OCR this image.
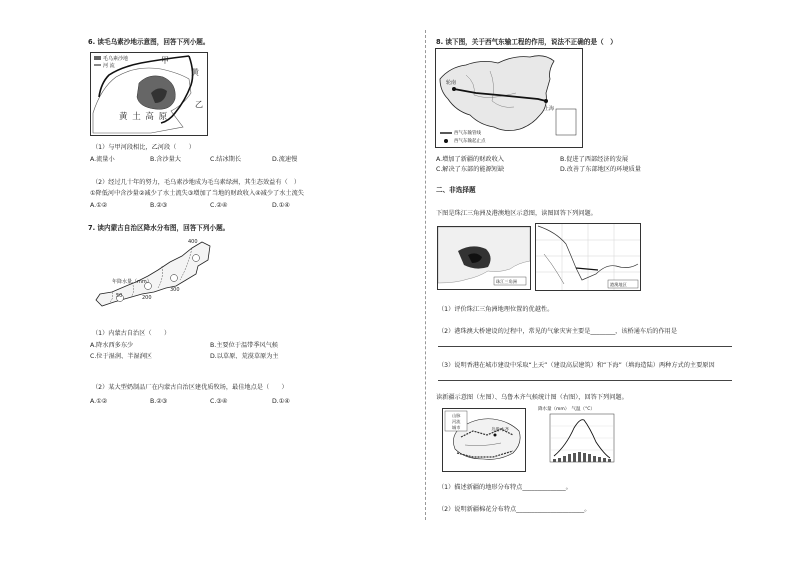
6. 读毛乌素沙地示意图，回答下列小题。
毛乌素沙地
河 流
甲
黄
乙
黄 土 高 原
（1）与甲河段相比，乙河段（　　）
A.流量小	B.含沙量大	C.结冰期长	D.流速慢
（2）经过几十年的努力，毛乌素沙地成为毛乌素绿洲，其生态效益有（　）
①降低河中含沙量②减少了水土流失③增加了当地的财政收入④减少了水土流失
A.①②	B.②③	C.②④	D.①④
7. 读内蒙古自治区降水分布图，回答下列小题。
年降水量（mm）
400
50	200
300
（1）内蒙古自治区（　　）
A.降水西多东少	B.主要位于温带季风气候
C.位于湿润、半湿润区	D.以草原、荒漠草原为主
（2）某大型奶制品厂在内蒙古自治区建优质牧场，最佳地点是（　　）
A.①②	B.②③	C.③④	D.①④
8. 读下图，关于西气东输工程的作用，说法不正确的是（　）
轮南
上海
西气东输管线
西气东输起止点
A.增加了新疆的财政收入	B.促进了西部经济的发展
C.解决了东部的能源短缺	D.改善了东部地区的环境质量
二、非选择题
下图是珠江三角洲及港澳地区示意图，读图回答下列问题。
珠江三角洲
港澳地区
（1）评价珠江三角洲地理位置的优越性。
（2）港珠澳大桥建设的过程中，常见的气象灾害主要是________，该桥通车后的作用是
（3）说明香港在城市建设中采取“上天”（建设高层建筑）和“下海”（填海造陆）两种方式的主要原因
读新疆示意图（左图）、乌鲁木齐气候统计图（右图），回答下列问题。
山脉
河流
城市
乌鲁木齐
降水量（mm）　气温（°C）
（1）描述新疆的地形分布特点______________。
（2）说明新疆棉花分布特点______________________。
